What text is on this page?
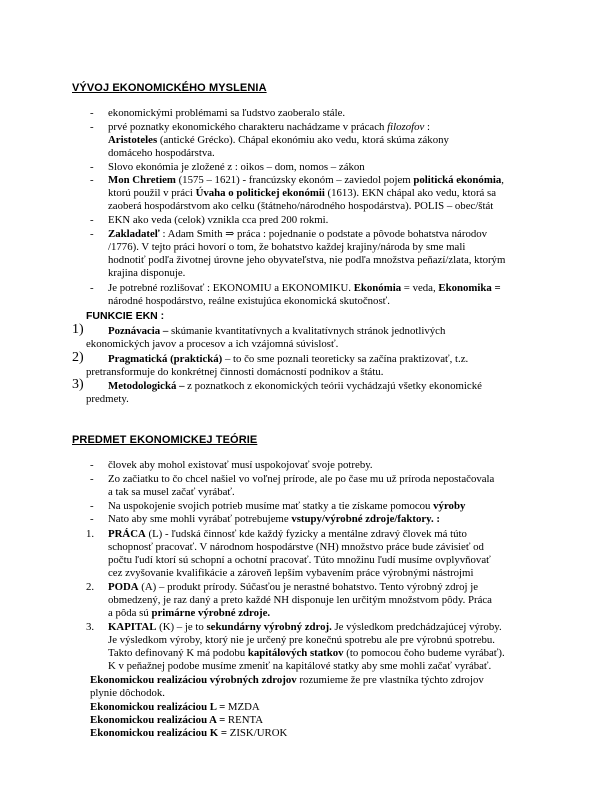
VÝVOJ EKONOMICKÉHO MYSLENIA
- ekonomickými problémami sa ľudstvo zaoberalo stále.
- prvé poznatky ekonomického charakteru nachádzame v prácach filozofov :
Aristoteles (antické Grécko). Chápal ekonómiu ako vedu, ktorá skúma zákony
domáceho hospodárstva.
- Slovo ekonómia je zložené z : oikos – dom, nomos – zákon
- Mon Chretiem (1575 – 1621) - francúzsky ekonóm – zaviedol pojem politická ekonómia,
ktorú použil v práci Úvaha o politickej ekonómii (1613). EKN chápal ako vedu, ktorá sa
zaoberá hospodárstvom ako celku (štátneho/národného hospodárstva). POLIS – obec/štát
- EKN ako veda (celok) vznikla cca pred 200 rokmi.
- Zakladateľ : Adam Smith ⇒ práca : pojednanie o podstate a pôvode bohatstva národov
/1776). V tejto práci hovorí o tom, že bohatstvo každej krajiny/národa by sme mali
hodnotiť podľa životnej úrovne jeho obyvateľstva, nie podľa množstva peňazí/zlata, ktorým
krajina disponuje.
- Je potrebné rozlišovať : EKONOMIU a EKONOMIKU. Ekonómia = veda, Ekonomika =
národné hospodárstvo, reálne existujúca ekonomická skutočnosť.
FUNKCIE EKN :
1) Poznávacia – skúmanie kvantitatívnych a kvalitatívnych stránok jednotlivých
ekonomických javov a procesov a ich vzájomná súvislosť.
2) Pragmatická (praktická) – to čo sme poznali teoreticky sa začína praktizovať, t.z.
pretransformuje do konkrétnej činnosti domácností podnikov a štátu.
3) Metodologická – z poznatkoch z ekonomických teórii vychádzajú všetky ekonomické
predmety.
PREDMET EKONOMICKEJ TEÓRIE
- človek aby mohol existovať musí uspokojovať svoje potreby.
- Zo začiatku to čo chcel našiel vo voľnej prírode, ale po čase mu už príroda nepostačovala
a tak sa musel začať vyrábať.
- Na uspokojenie svojich potrieb musíme mať statky a tie získame pomocou výroby
- Nato aby sme mohli vyrábať potrebujeme vstupy/výrobné zdroje/faktory. :
1. PRÁCA (L) - ľudská činnosť kde každý fyzicky a mentálne zdravý človek má túto
schopnosť pracovať. V národnom hospodárstve (NH) množstvo práce bude závisieť od
počtu ľudí ktorí sú schopní a ochotní pracovať. Túto množinu ľudí musíme ovplyvňovať
cez zvyšovanie kvalifikácie a zároveň lepším vybavením práce výrobnými nástrojmi
2. PODA (A) – produkt prírody. Súčasťou je nerastné bohatstvo. Tento výrobný zdroj je
obmedzený, je raz daný a preto každé NH disponuje len určitým množstvom pôdy. Práca
a pôda sú primárne výrobné zdroje.
3. KAPITAL (K) – je to sekundárny výrobný zdroj. Je výsledkom predchádzajúcej výroby.
Je výsledkom výroby, ktorý nie je určený pre konečnú spotrebu ale pre výrobnú spotrebu.
Takto definovaný K má podobu kapitálových statkov (to pomocou čoho budeme vyrábať).
K v peňažnej podobe musíme zmeniť na kapitálové statky aby sme mohli začať vyrábať.
Ekonomickou realizáciou výrobných zdrojov rozumieme že pre vlastníka týchto zdrojov
plynie dôchodok.
Ekonomickou realizáciou L = MZDA
Ekonomickou realizáciou A = RENTA
Ekonomickou realizáciou K = ZISK/UROK
